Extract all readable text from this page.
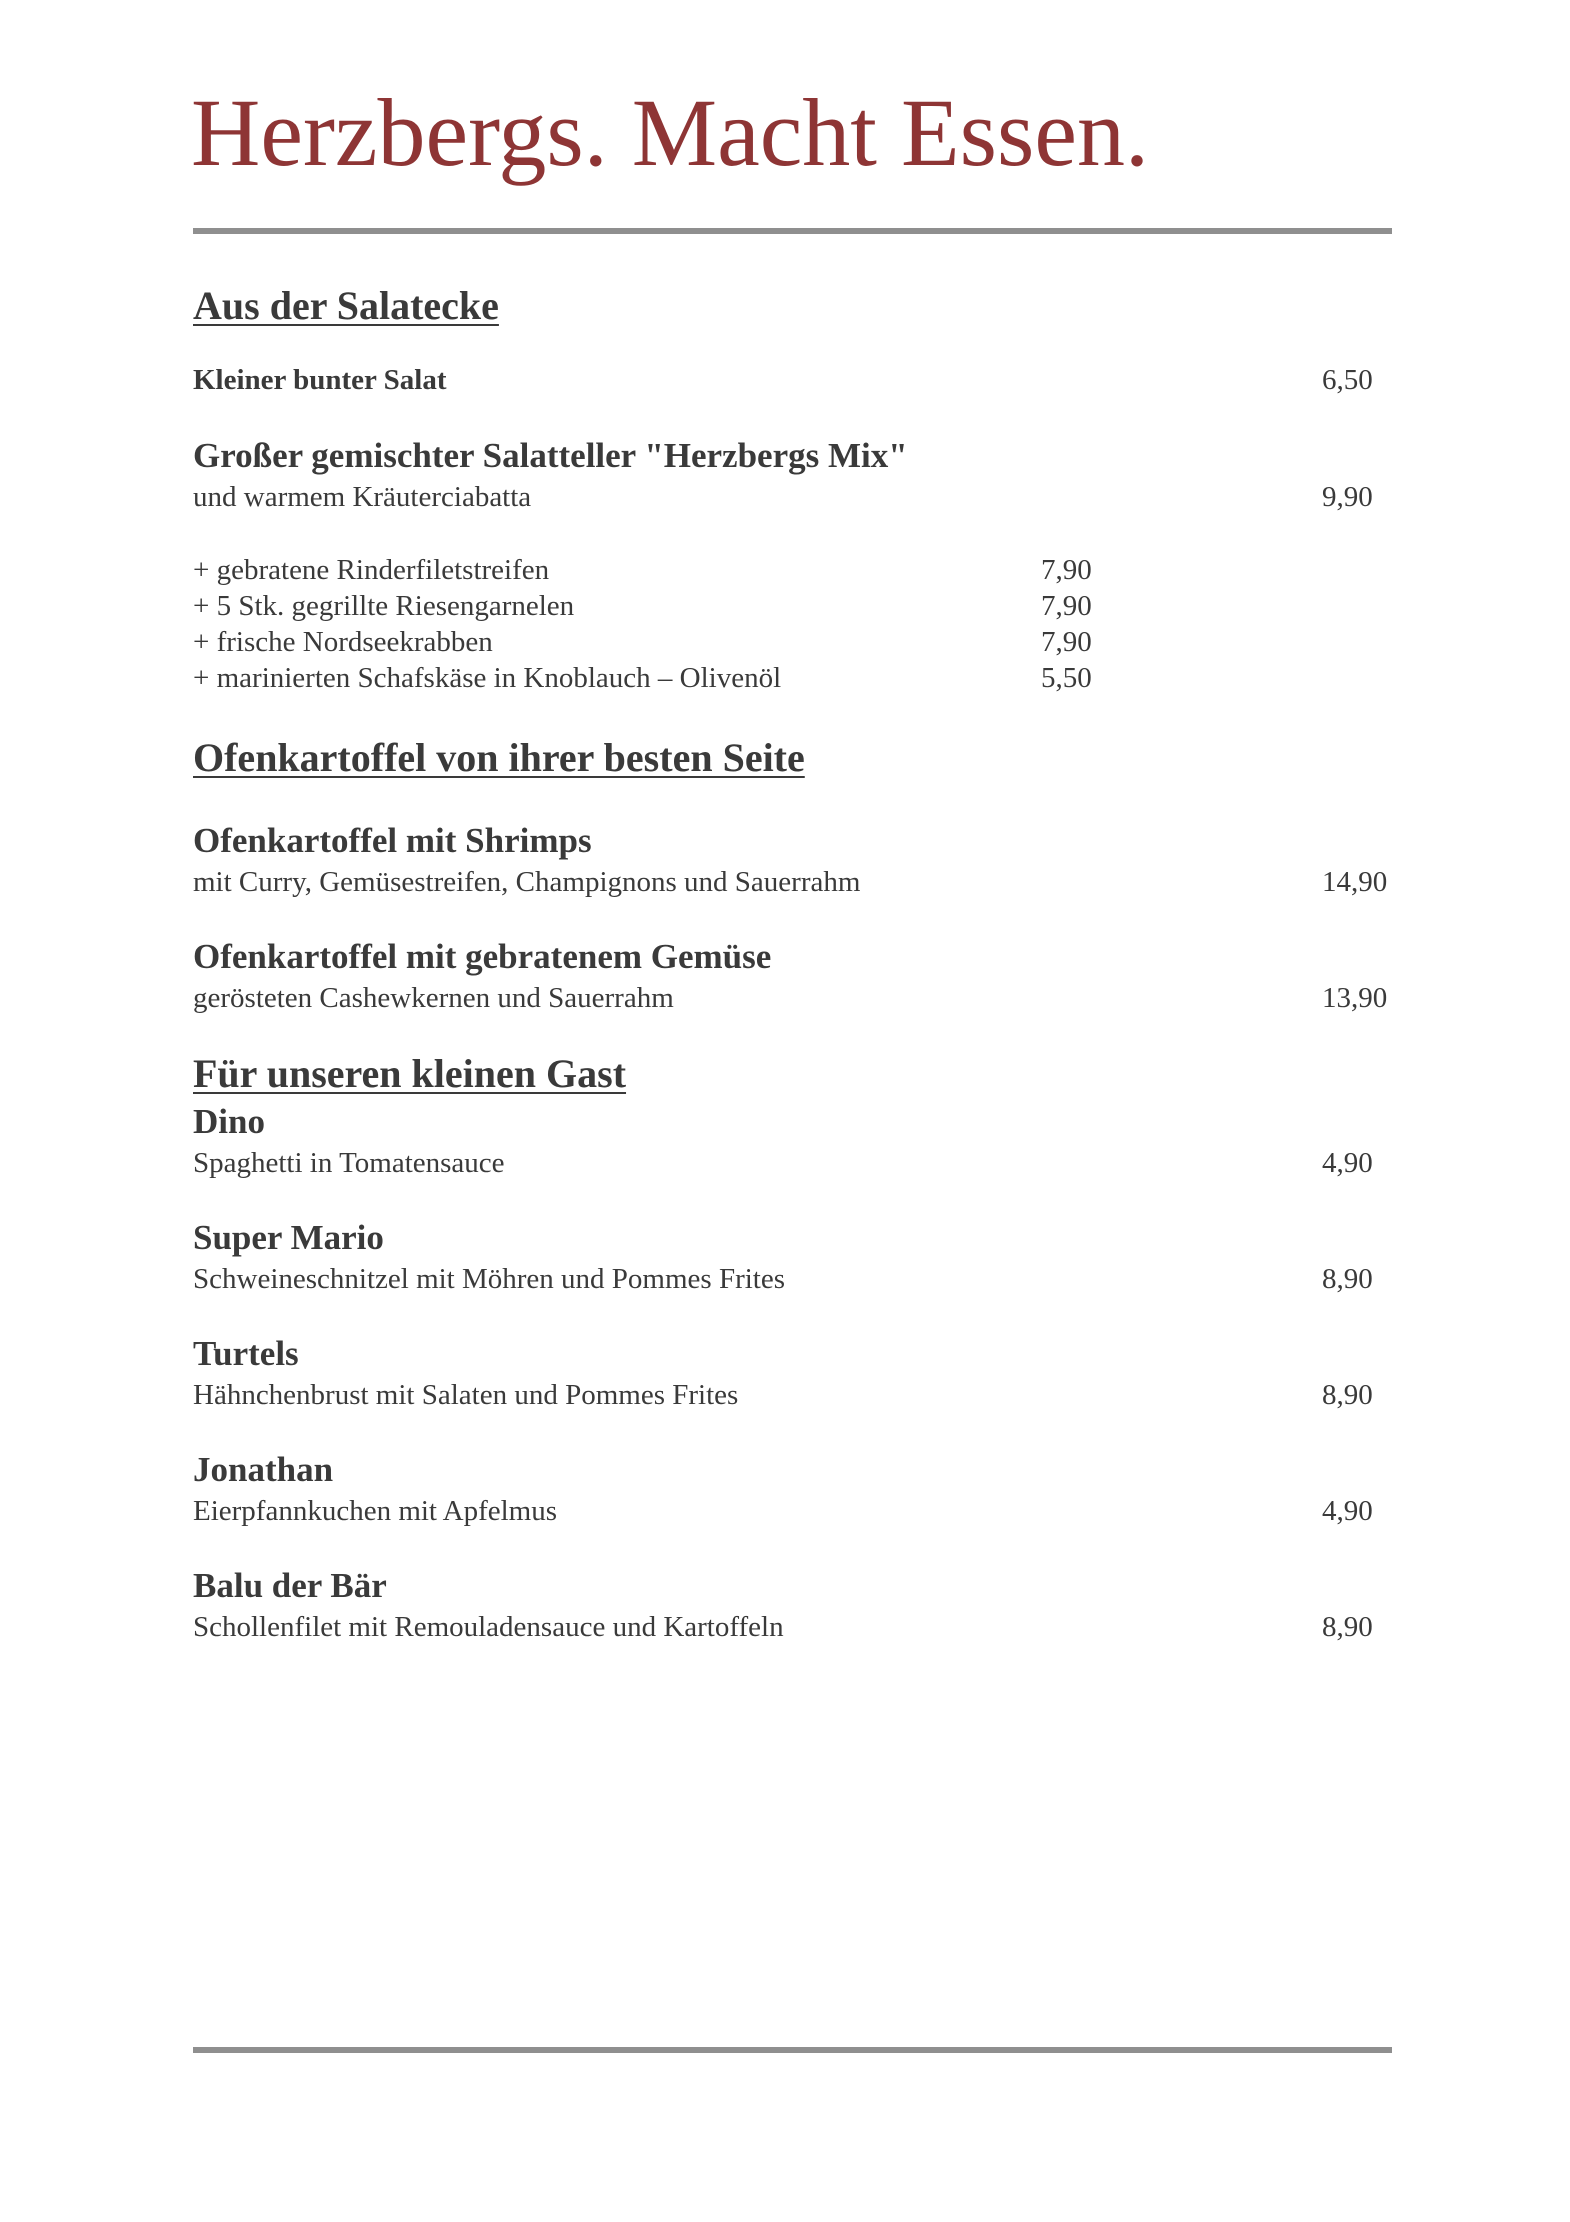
Herzbergs. Macht Essen.
Aus der Salatecke
Kleiner bunter Salat	6,50
Großer gemischter Salatteller "Herzbergs Mix"
und warmem Kräuterciabatta	9,90
+ gebratene Rinderfiletstreifen	7,90
+ 5 Stk. gegrillte Riesengarnelen	7,90
+ frische Nordseekrabben	7,90
+ marinierten Schafskäse in Knoblauch – Olivenöl	5,50
Ofenkartoffel von ihrer besten Seite
Ofenkartoffel mit Shrimps
mit Curry, Gemüsestreifen, Champignons und Sauerrahm	14,90
Ofenkartoffel mit gebratenem Gemüse
gerösteten Cashewkernen und Sauerrahm	13,90
Für unseren kleinen Gast
Dino
Spaghetti in Tomatensauce	4,90
Super Mario
Schweineschnitzel mit Möhren und Pommes Frites	8,90
Turtels
Hähnchenbrust mit Salaten und Pommes Frites	8,90
Jonathan
Eierpfannkuchen mit Apfelmus	4,90
Balu der Bär
Schollenfilet mit Remouladensauce und Kartoffeln	8,90
